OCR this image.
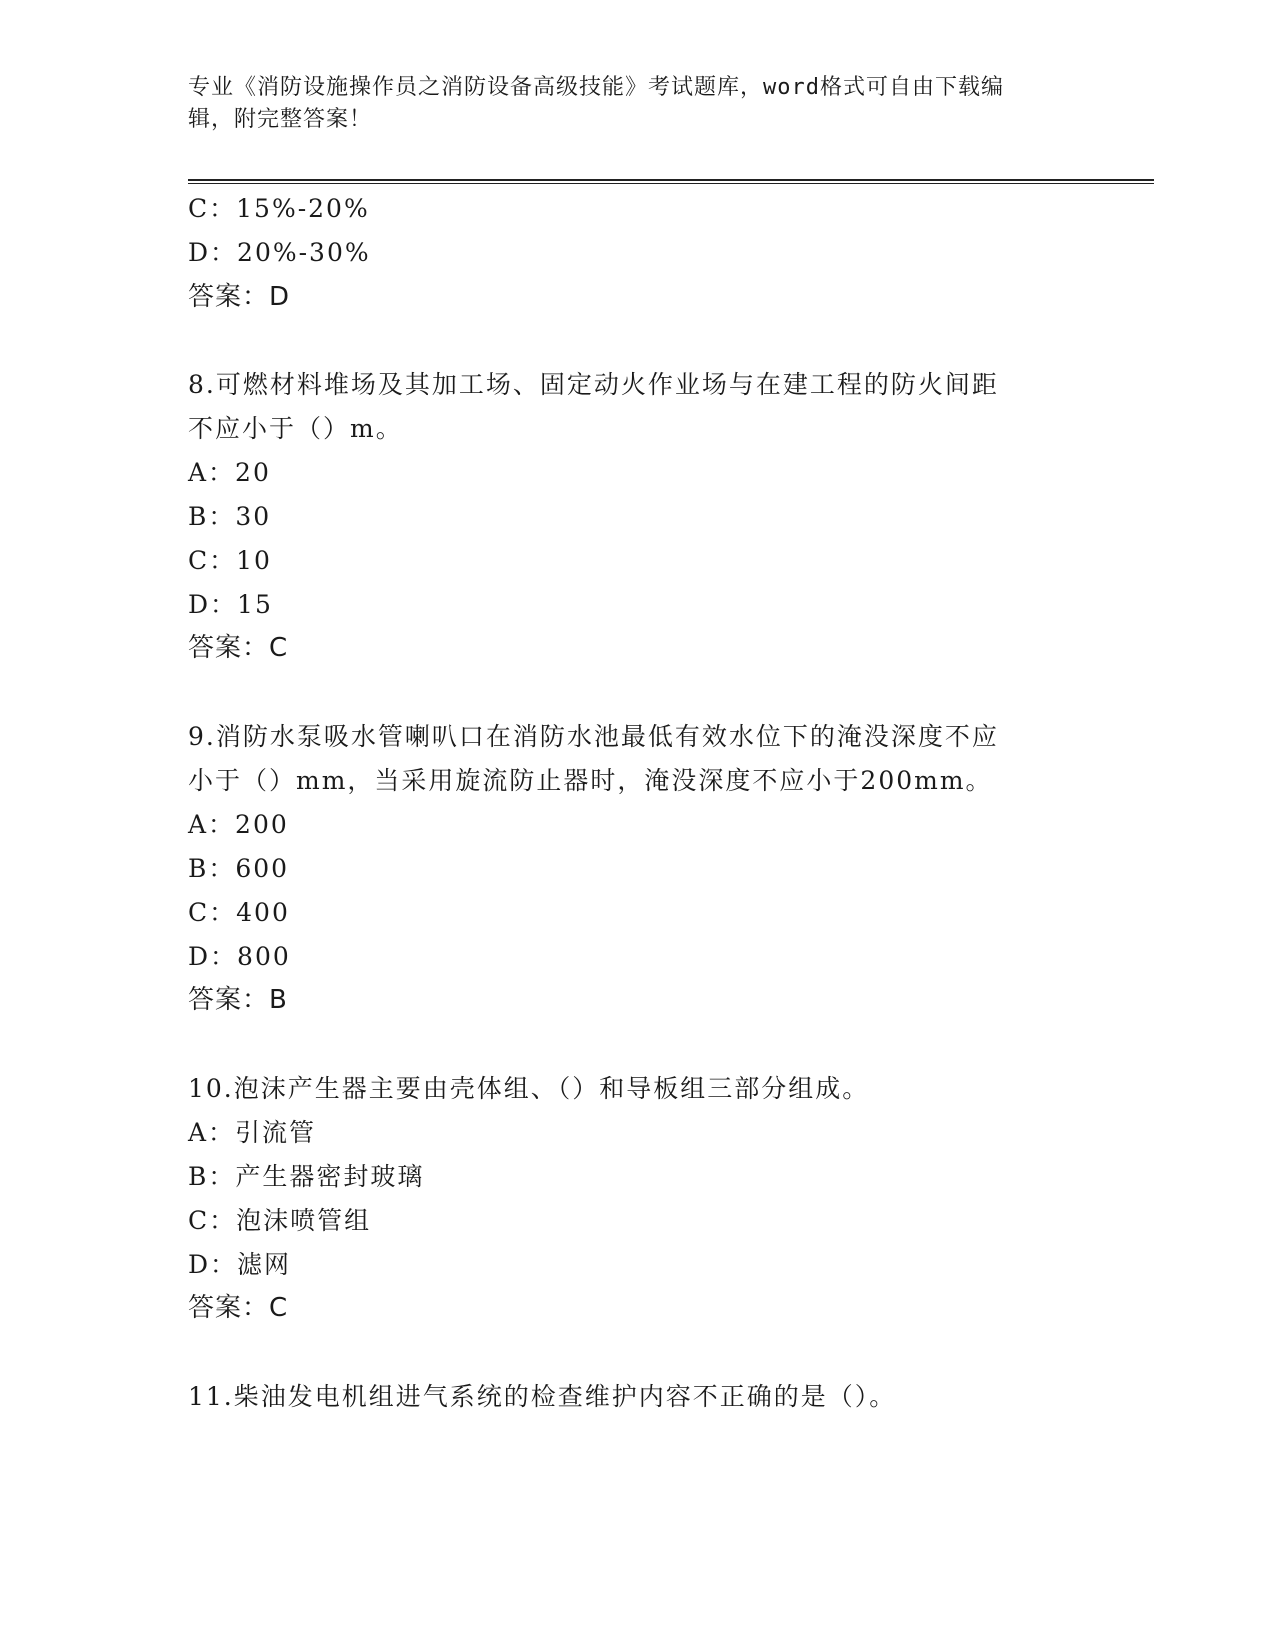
专业《消防设施操作员之消防设备高级技能》考试题库，word格式可自由下载编
辑，附完整答案！
C：15%-20%
D：20%-30%
答案：D
8.可燃材料堆场及其加工场、固定动火作业场与在建工程的防火间距
不应小于（）m。
A：20
B：30
C：10
D：15
答案：C
9.消防水泵吸水管喇叭口在消防水池最低有效水位下的淹没深度不应
小于（）mm，当采用旋流防止器时，淹没深度不应小于200mm。
A：200
B：600
C：400
D：800
答案：B
10.泡沫产生器主要由壳体组、（）和导板组三部分组成。
A：引流管
B：产生器密封玻璃
C：泡沫喷管组
D：滤网
答案：C
11.柴油发电机组进气系统的检查维护内容不正确的是（）。
